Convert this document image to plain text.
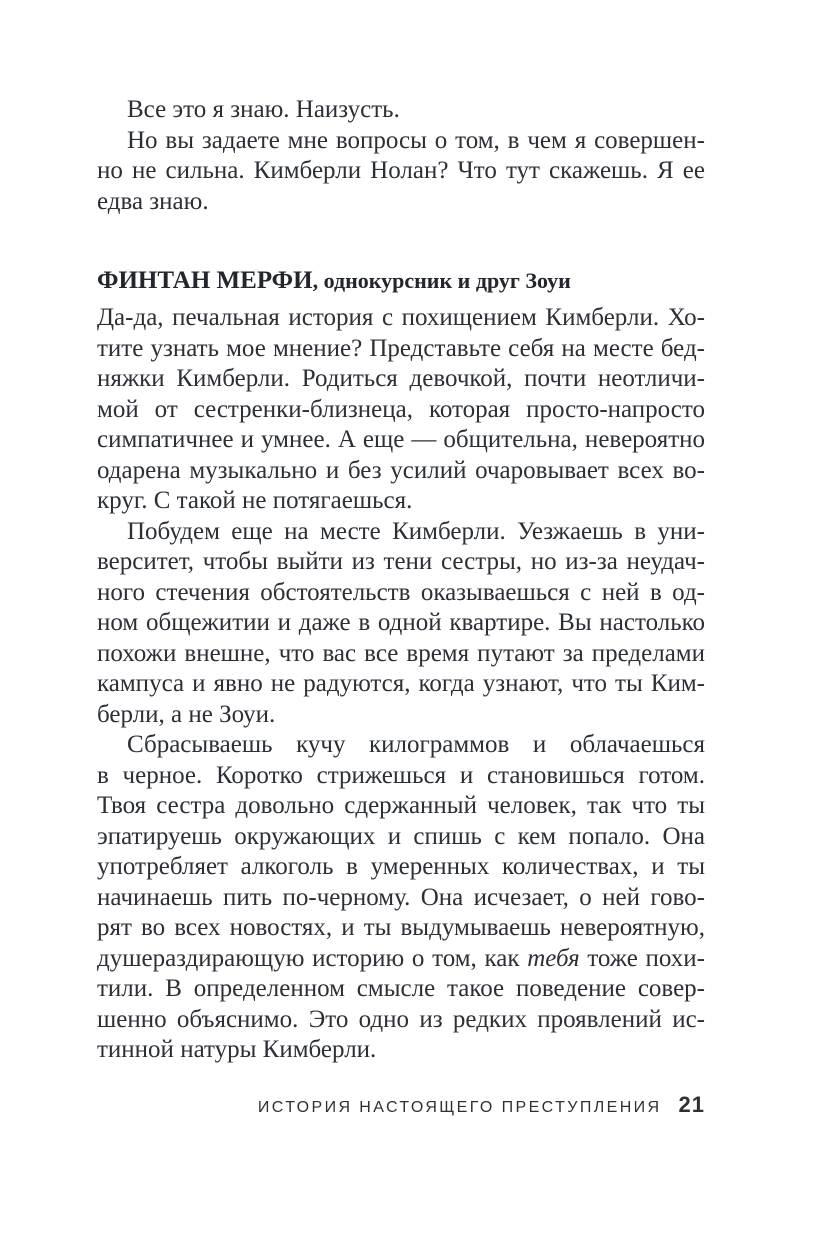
Все это я знаю. Наизусть.

Но вы задаете мне вопросы о том, в чем я совершен-
но не сильна. Кимберли Нолан? Что тут скажешь. Я ее
едва знаю.

ФИНТАН МЕРФИ, однокурсник и друг Зоуи

Да-да, печальная история с похищением Кимберли. Хо-
тите узнать мое мнение? Представьте себя на месте бед-
няжки Кимберли. Родиться девочкой, почти неотличи-
мой от сестренки-близнеца, которая просто-напросто
симпатичнее и умнее. А еще — общительна, невероятно
одарена музыкально и без усилий очаровывает всех во-
круг. С такой не потягаешься.

Побудем еще на месте Кимберли. Уезжаешь в уни-
верситет, чтобы выйти из тени сестры, но из-за неудач-
ного стечения обстоятельств оказываешься с ней в од-
ном общежитии и даже в одной квартире. Вы настолько
похожи внешне, что вас все время путают за пределами
кампуса и явно не радуются, когда узнают, что ты Ким-
берли, а не Зоуи.

Сбрасываешь кучу килограммов и облачаешься
в черное. Коротко стрижешься и становишься готом.
Твоя сестра довольно сдержанный человек, так что ты
эпатируешь окружающих и спишь с кем попало. Она
употребляет алкоголь в умеренных количествах, и ты
начинаешь пить по-черному. Она исчезает, о ней гово-
рят во всех новостях, и ты выдумываешь невероятную,
душераздирающую историю о том, как тебя тоже похи-
тили. В определенном смысле такое поведение совер-
шенно объяснимо. Это одно из редких проявлений ис-
тинной натуры Кимберли.

ИСТОРИЯ НАСТОЯЩЕГО ПРЕСТУПЛЕНИЯ 21
